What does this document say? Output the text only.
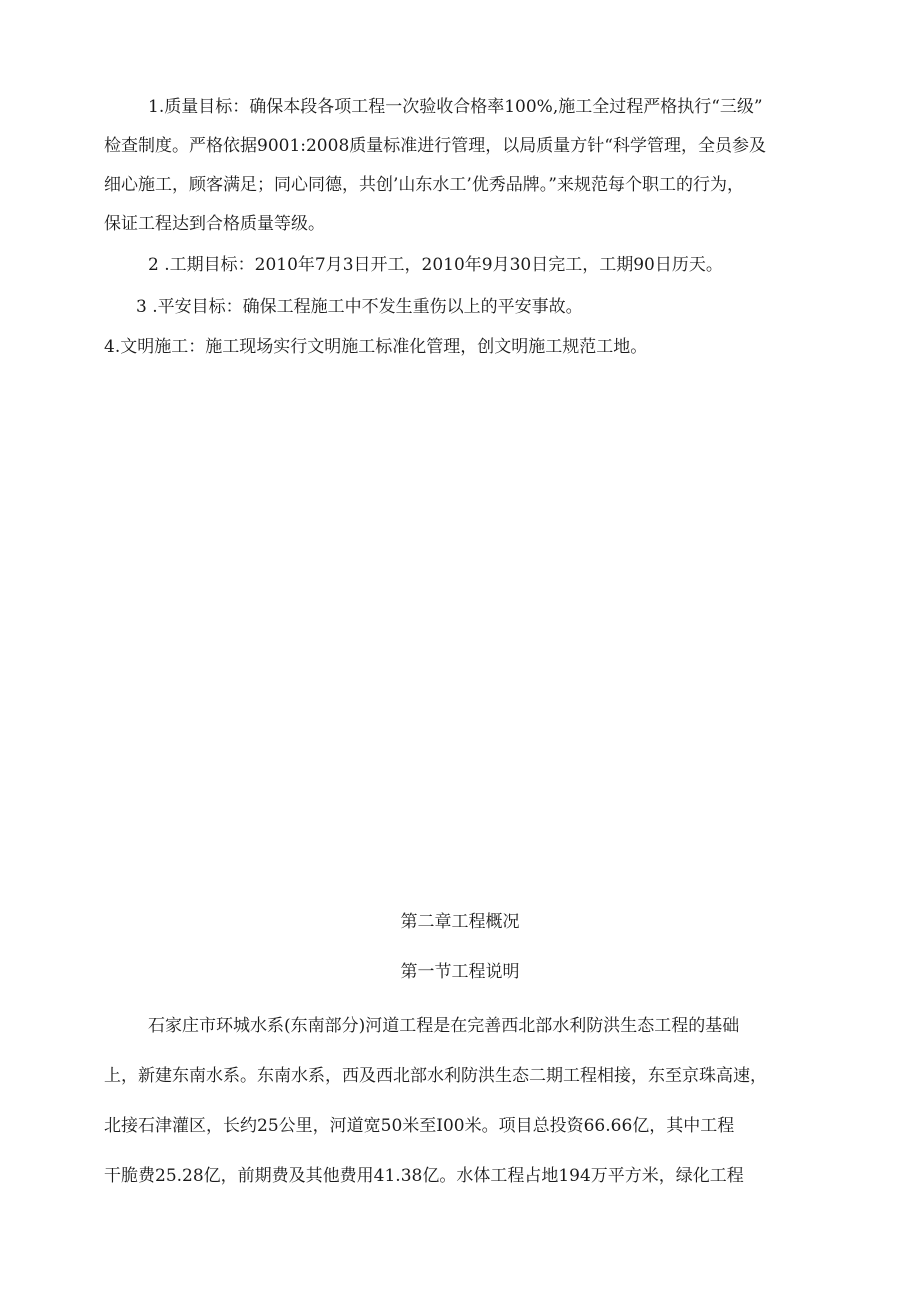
1.质量目标：确保本段各项工程一次验收合格率100%,施工全过程严格执行“三级”
检查制度。严格依据9001:2008质量标准进行管理，以局质量方针“科学管理，全员参及
细心施工，顾客满足；同心同德，共创’山东水工’优秀品牌。”来规范每个职工的行为，
保证工程达到合格质量等级。
2 .工期目标：2010年7月3日开工，2010年9月30日完工，工期90日历天。
3 .平安目标：确保工程施工中不发生重伤以上的平安事故。
4.文明施工：施工现场实行文明施工标准化管理，创文明施工规范工地。
第二章工程概况
第一节工程说明
石家庄市环城水系(东南部分)河道工程是在完善西北部水利防洪生态工程的基础
上，新建东南水系。东南水系，西及西北部水利防洪生态二期工程相接，东至京珠高速，
北接石津灌区，长约25公里，河道宽50米至I00米。项目总投资66.66亿，其中工程
干脆费25.28亿，前期费及其他费用41.38亿。水体工程占地194万平方米，绿化工程
